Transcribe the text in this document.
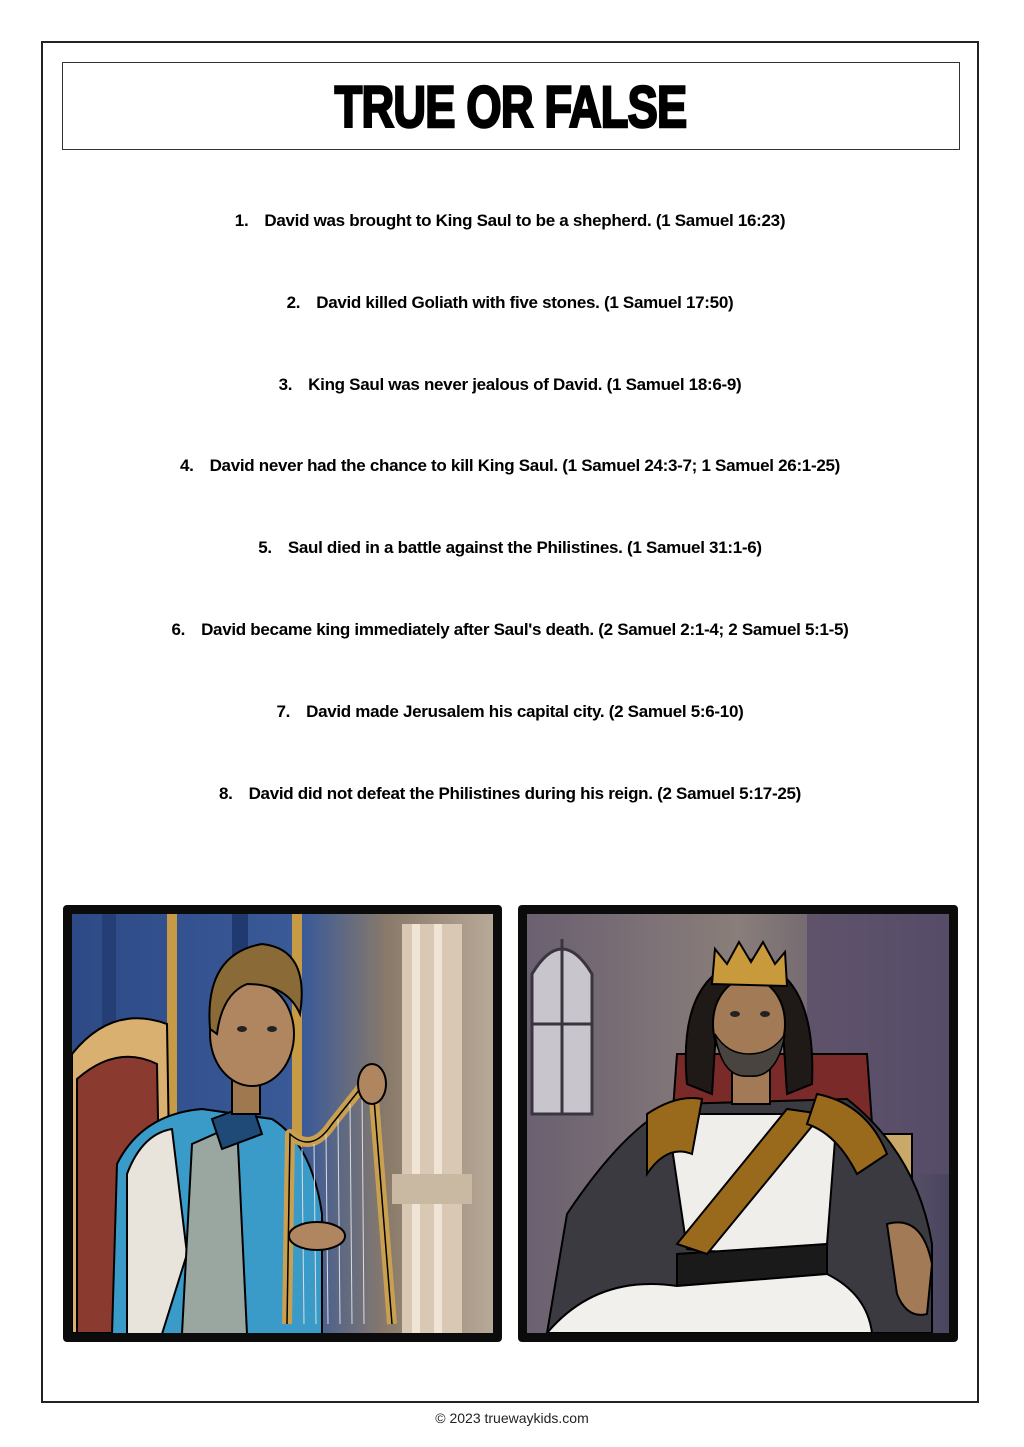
TRUE OR FALSE
1. David was brought to King Saul to be a shepherd. (1 Samuel 16:23)
2. David killed Goliath with five stones. (1 Samuel 17:50)
3. King Saul was never jealous of David. (1 Samuel 18:6-9)
4. David never had the chance to kill King Saul. (1 Samuel 24:3-7; 1 Samuel 26:1-25)
5. Saul died in a battle against the Philistines. (1 Samuel 31:1-6)
6. David became king immediately after Saul's death. (2 Samuel 2:1-4; 2 Samuel 5:1-5)
7. David made Jerusalem his capital city. (2 Samuel 5:6-10)
8. David did not defeat the Philistines during his reign. (2 Samuel 5:17-25)
© 2023 truewaykids.com
